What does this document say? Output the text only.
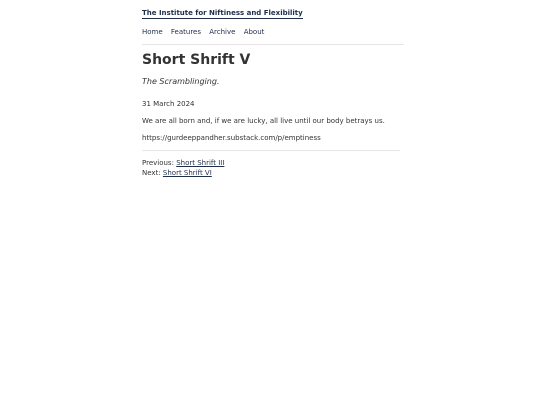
The Institute for Niftiness and Flexibility
Home Features Archive About
Short Shrift V
The Scramblinging.
31 March 2024
We are all born and, if we are lucky, all live until our body betrays us.
https://gurdeeppandher.substack.com/p/emptiness
Previous: Short Shrift III
Next: Short Shrift VI
